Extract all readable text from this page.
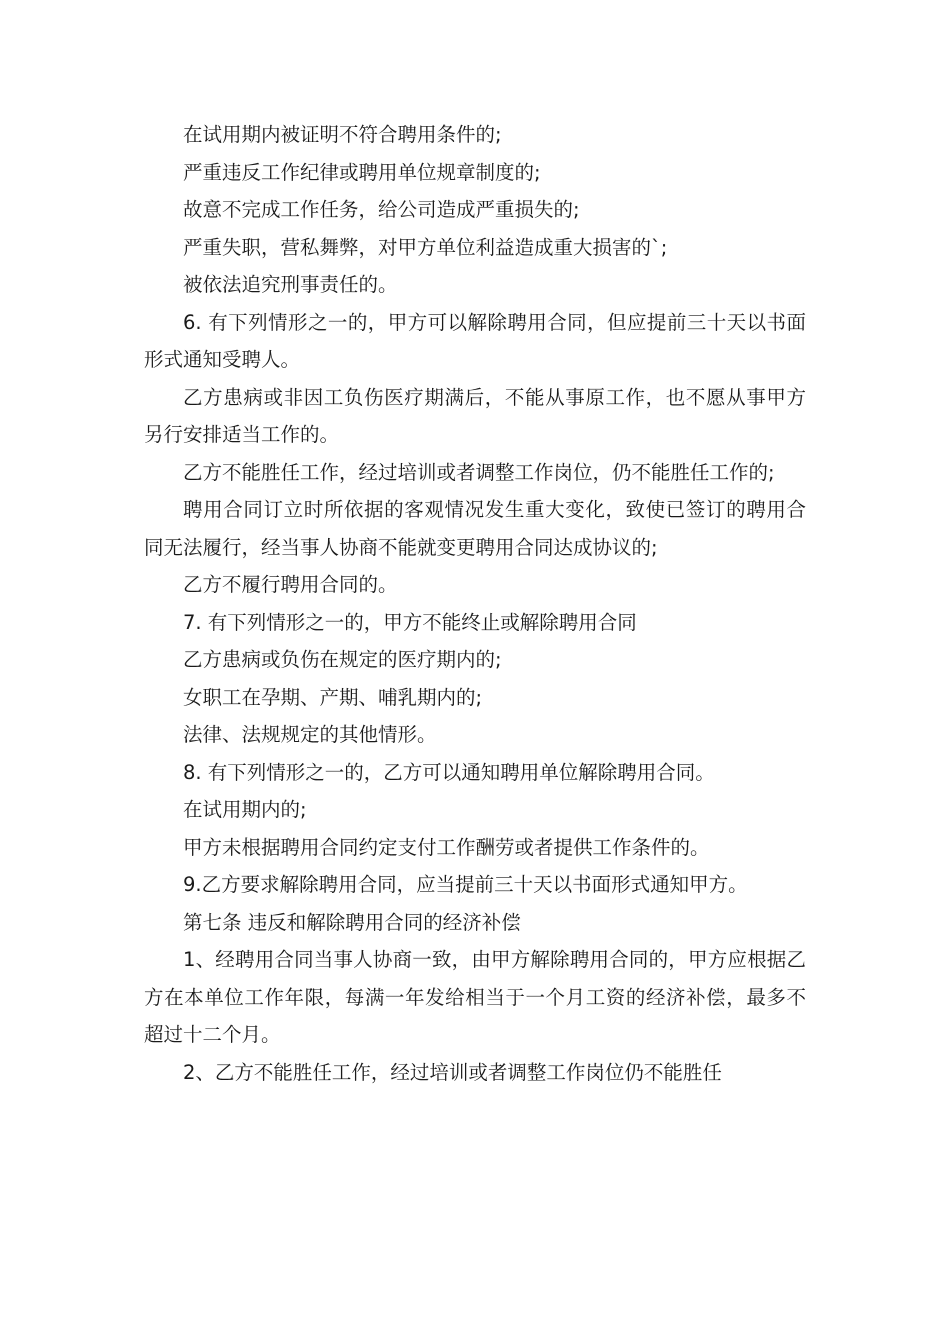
在试用期内被证明不符合聘用条件的;

严重违反工作纪律或聘用单位规章制度的;

故意不完成工作任务，给公司造成严重损失的;

严重失职，营私舞弊，对甲方单位利益造成重大损害的`;

被依法追究刑事责任的。

6. 有下列情形之一的，甲方可以解除聘用合同，但应提前三十天以书面形式通知受聘人。

乙方患病或非因工负伤医疗期满后，不能从事原工作，也不愿从事甲方另行安排适当工作的。

乙方不能胜任工作，经过培训或者调整工作岗位，仍不能胜任工作的;

聘用合同订立时所依据的客观情况发生重大变化，致使已签订的聘用合同无法履行，经当事人协商不能就变更聘用合同达成协议的;

乙方不履行聘用合同的。

7. 有下列情形之一的，甲方不能终止或解除聘用合同

乙方患病或负伤在规定的医疗期内的;

女职工在孕期、产期、哺乳期内的;

法律、法规规定的其他情形。

8. 有下列情形之一的，乙方可以通知聘用单位解除聘用合同。

在试用期内的;

甲方未根据聘用合同约定支付工作酬劳或者提供工作条件的。

9.乙方要求解除聘用合同，应当提前三十天以书面形式通知甲方。

第七条 违反和解除聘用合同的经济补偿

1、经聘用合同当事人协商一致，由甲方解除聘用合同的，甲方应根据乙方在本单位工作年限，每满一年发给相当于一个月工资的经济补偿，最多不超过十二个月。

2、乙方不能胜任工作，经过培训或者调整工作岗位仍不能胜任
